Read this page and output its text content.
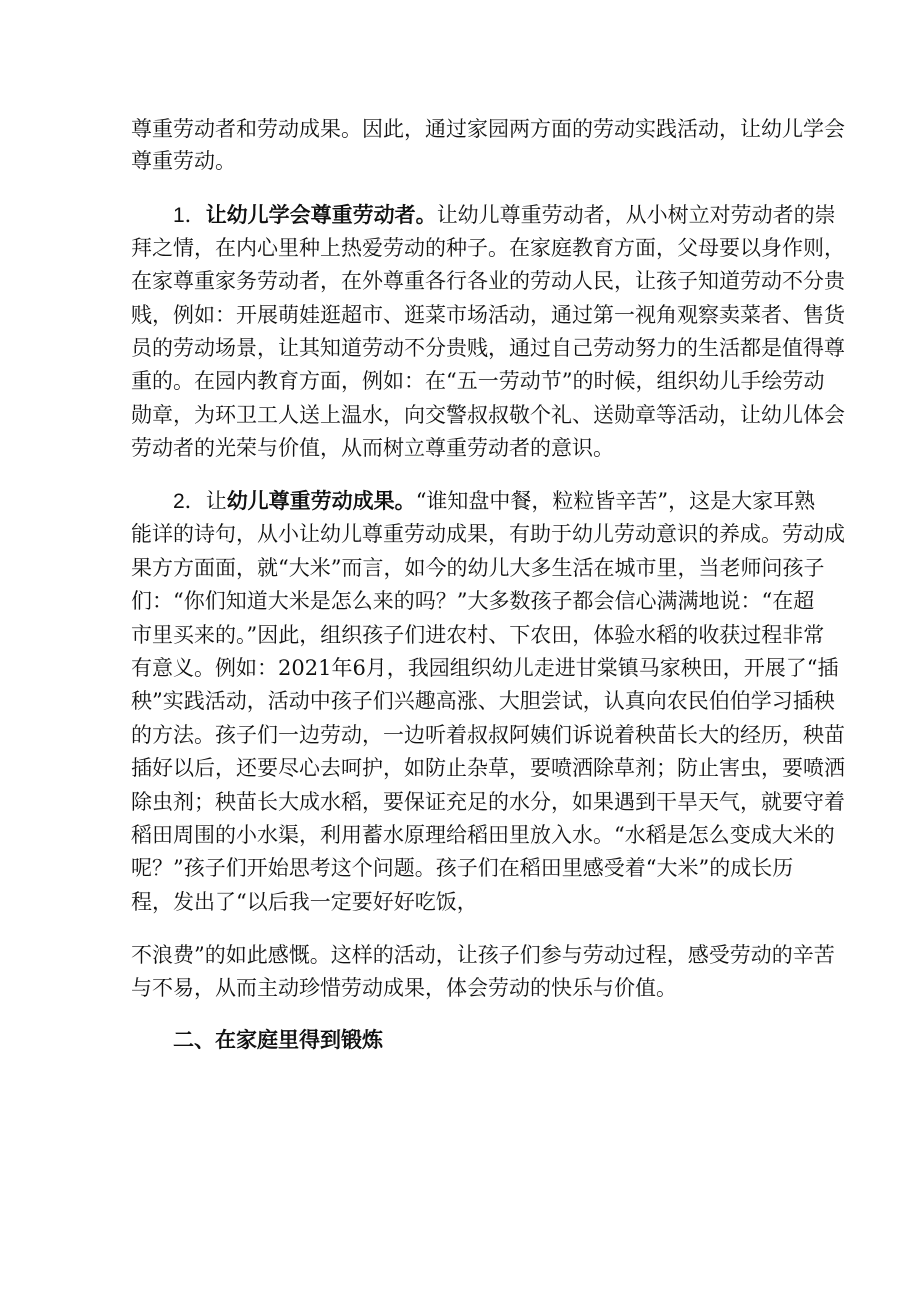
尊重劳动者和劳动成果。因此，通过家园两方面的劳动实践活动，让幼儿学会
尊重劳动。
1．让幼儿学会尊重劳动者。让幼儿尊重劳动者，从小树立对劳动者的崇
拜之情，在内心里种上热爱劳动的种子。在家庭教育方面，父母要以身作则，
在家尊重家务劳动者，在外尊重各行各业的劳动人民，让孩子知道劳动不分贵
贱，例如：开展萌娃逛超市、逛菜市场活动，通过第一视角观察卖菜者、售货
员的劳动场景，让其知道劳动不分贵贱，通过自己劳动努力的生活都是值得尊
重的。在园内教育方面，例如：在“五一劳动节”的时候，组织幼儿手绘劳动
勋章，为环卫工人送上温水，向交警叔叔敬个礼、送勋章等活动，让幼儿体会
劳动者的光荣与价值，从而树立尊重劳动者的意识。
2．让幼儿尊重劳动成果。“谁知盘中餐，粒粒皆辛苦”，这是大家耳熟
能详的诗句，从小让幼儿尊重劳动成果，有助于幼儿劳动意识的养成。劳动成
果方方面面，就“大米”而言，如今的幼儿大多生活在城市里，当老师问孩子
们：“你们知道大米是怎么来的吗？”大多数孩子都会信心满满地说：“在超
市里买来的。”因此，组织孩子们进农村、下农田，体验水稻的收获过程非常
有意义。例如：2021年6月，我园组织幼儿走进甘棠镇马家秧田，开展了“插
秧”实践活动，活动中孩子们兴趣高涨、大胆尝试，认真向农民伯伯学习插秧
的方法。孩子们一边劳动，一边听着叔叔阿姨们诉说着秧苗长大的经历，秧苗
插好以后，还要尽心去呵护，如防止杂草，要喷洒除草剂；防止害虫，要喷洒
除虫剂；秧苗长大成水稻，要保证充足的水分，如果遇到干旱天气，就要守着
稻田周围的小水渠，利用蓄水原理给稻田里放入水。“水稻是怎么变成大米的
呢？”孩子们开始思考这个问题。孩子们在稻田里感受着“大米”的成长历
程，发出了“以后我一定要好好吃饭，
不浪费”的如此感慨。这样的活动，让孩子们参与劳动过程，感受劳动的辛苦
与不易，从而主动珍惜劳动成果，体会劳动的快乐与价值。
二、在家庭里得到锻炼
